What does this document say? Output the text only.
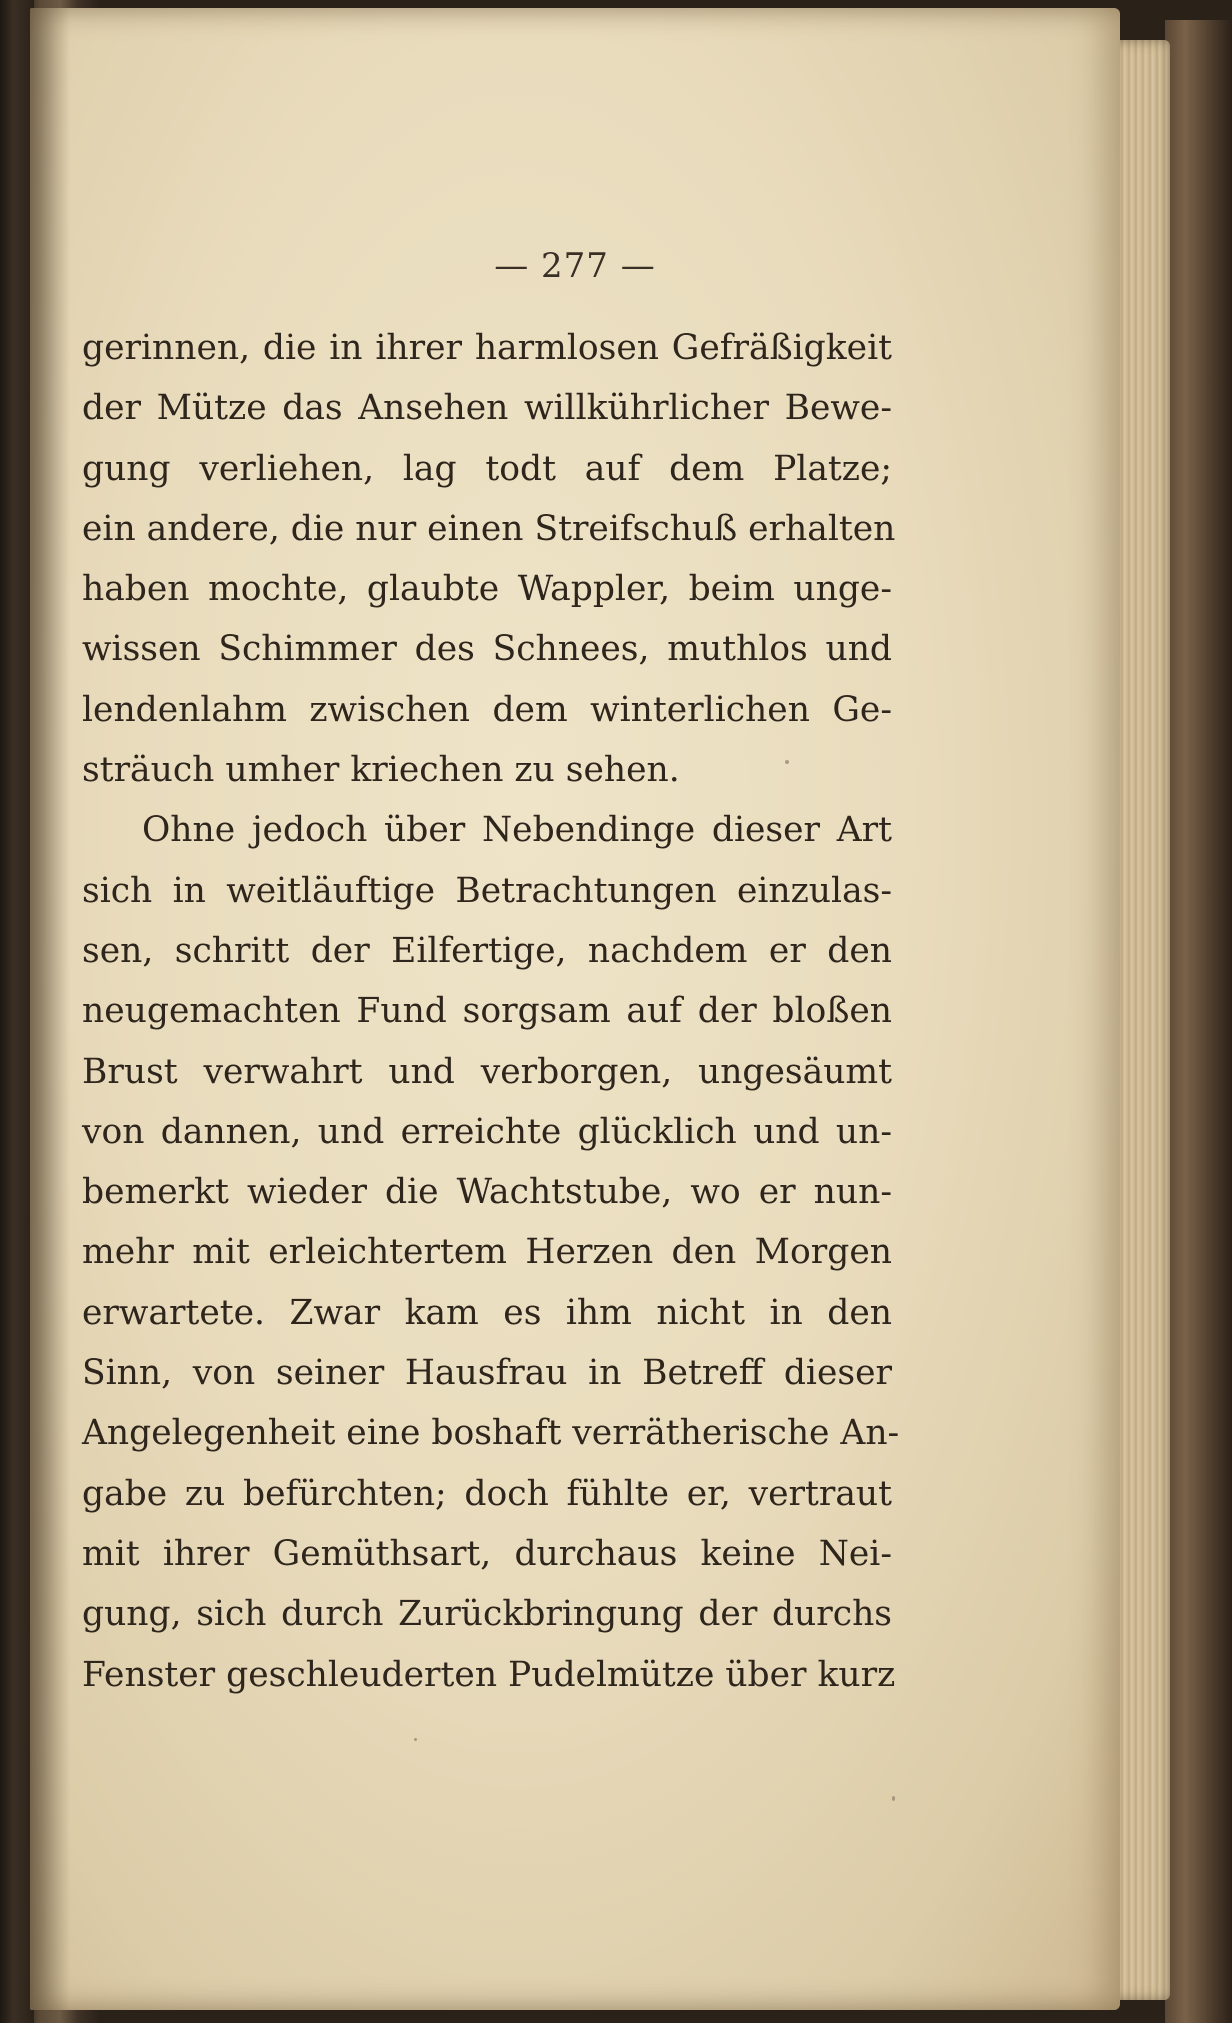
— 277 —
gerinnen, die in ihrer harmlosen Gefräßigkeit
der Mütze das Ansehen willkührlicher Bewe-
gung verliehen, lag todt auf dem Platze;
ein andere, die nur einen Streifschuß erhalten
haben mochte, glaubte Wappler, beim unge-
wissen Schimmer des Schnees, muthlos und
lendenlahm zwischen dem winterlichen Ge-
sträuch umher kriechen zu sehen.
Ohne jedoch über Nebendinge dieser Art
sich in weitläuftige Betrachtungen einzulas-
sen, schritt der Eilfertige, nachdem er den
neugemachten Fund sorgsam auf der bloßen
Brust verwahrt und verborgen, ungesäumt
von dannen, und erreichte glücklich und un-
bemerkt wieder die Wachtstube, wo er nun-
mehr mit erleichtertem Herzen den Morgen
erwartete. Zwar kam es ihm nicht in den
Sinn, von seiner Hausfrau in Betreff dieser
Angelegenheit eine boshaft verrätherische An-
gabe zu befürchten; doch fühlte er, vertraut
mit ihrer Gemüthsart, durchaus keine Nei-
gung, sich durch Zurückbringung der durchs
Fenster geschleuderten Pudelmütze über kurz
